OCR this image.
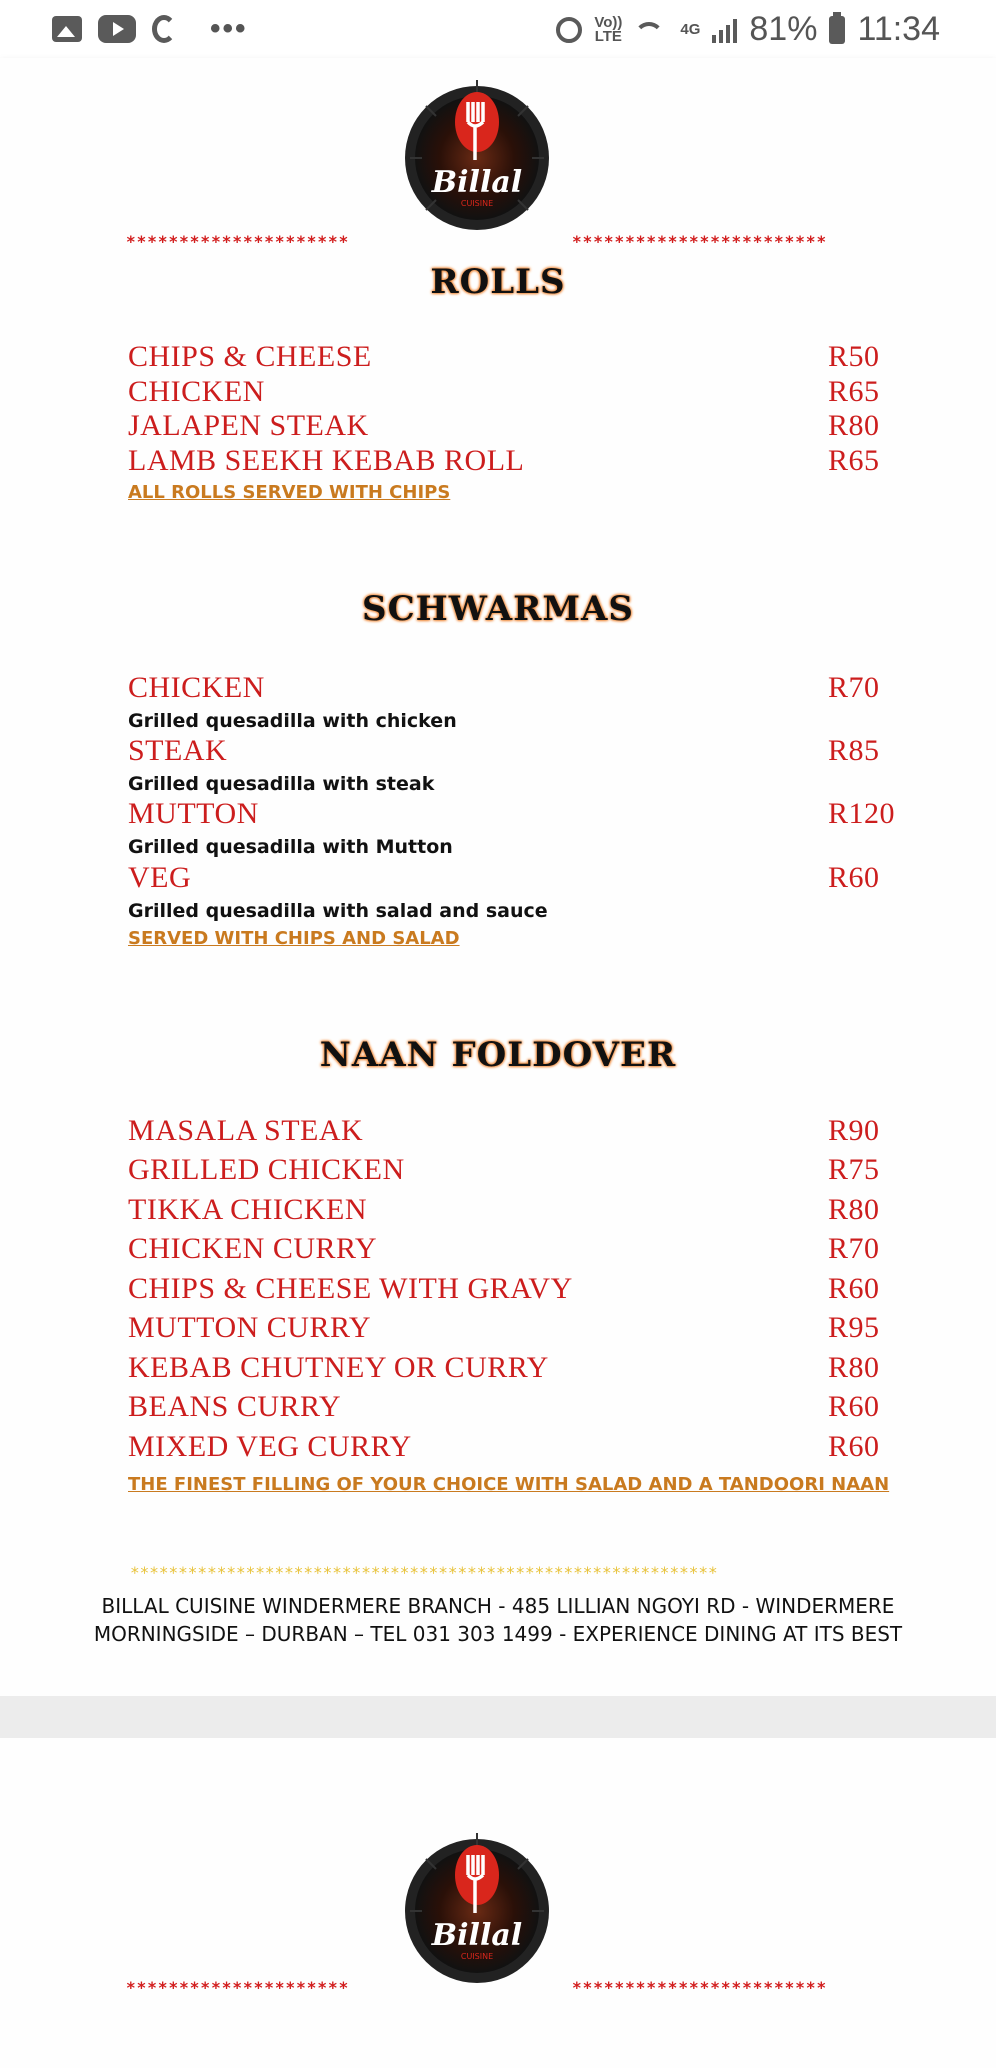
•••	Vo))
LTE	4G 81% 11:34
Billal
CUISINE
*********************	************************
ROLLS
CHIPS & CHEESE	R50
CHICKEN	R65
JALAPEN STEAK	R80
LAMB SEEKH KEBAB ROLL	R65
ALL ROLLS SERVED WITH CHIPS
SCHWARMAS
CHICKEN	R70
Grilled quesadilla with chicken
STEAK	R85
Grilled quesadilla with steak
MUTTON	R120
Grilled quesadilla with Mutton
VEG	R60
Grilled quesadilla with salad and sauce
SERVED WITH CHIPS AND SALAD
NAAN FOLDOVER
MASALA STEAK	R90
GRILLED CHICKEN	R75
TIKKA CHICKEN	R80
CHICKEN CURRY	R70
CHIPS & CHEESE WITH GRAVY	R60
MUTTON CURRY	R95
KEBAB CHUTNEY OR CURRY	R80
BEANS CURRY	R60
MIXED VEG CURRY	R60
THE FINEST FILLING OF YOUR CHOICE WITH SALAD AND A TANDOORI NAAN
*************************************************************
BILLAL CUISINE WINDERMERE BRANCH - 485 LILLIAN NGOYI RD - WINDERMERE
MORNINGSIDE – DURBAN – TEL 031 303 1499 - EXPERIENCE DINING AT ITS BEST
Billal
CUISINE
*********************	************************
